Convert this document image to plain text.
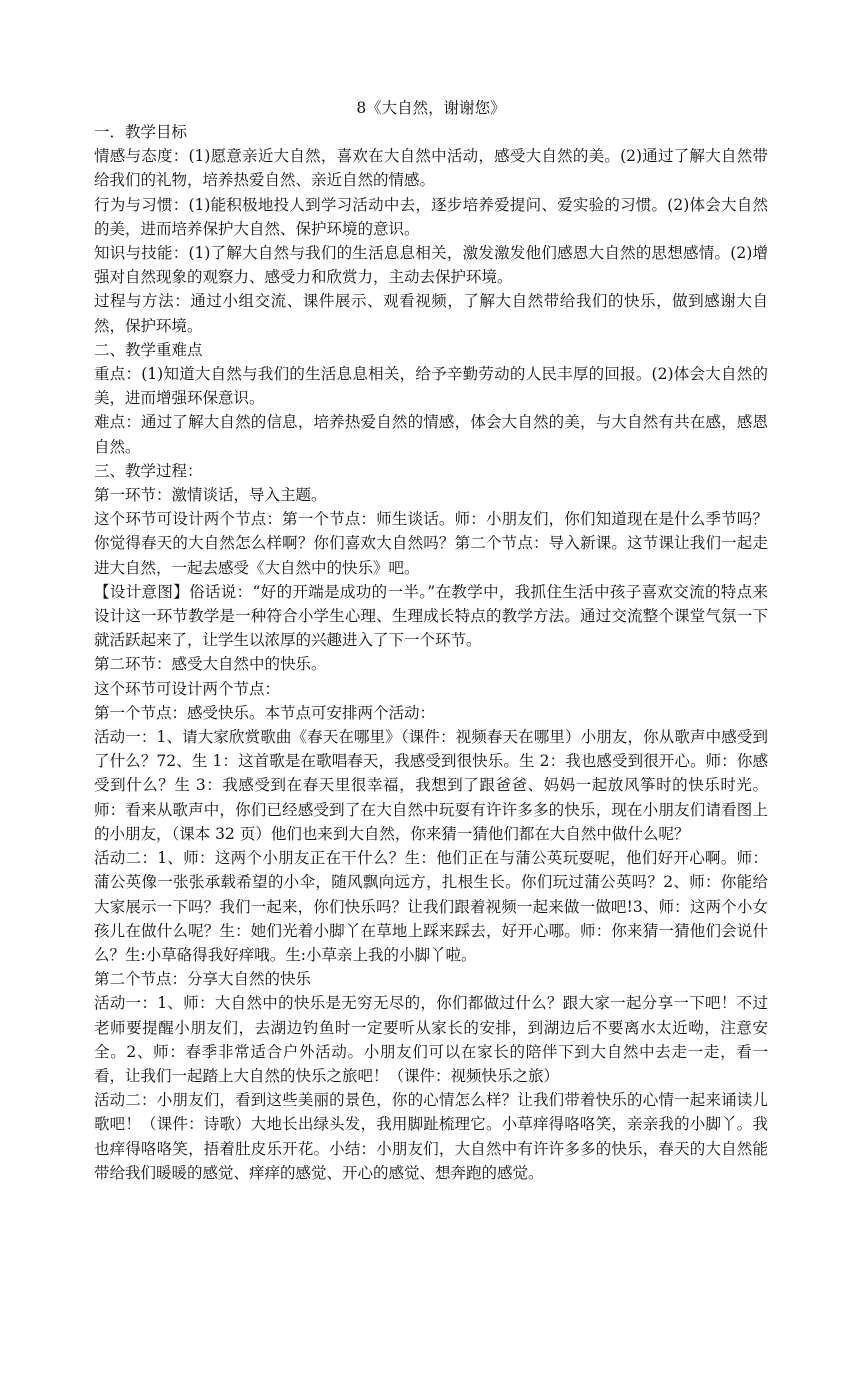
8《大自然，谢谢您》

一．教学目标

情感与态度：(1)愿意亲近大自然，喜欢在大自然中活动，感受大自然的美。(2)通过了解大自然带给我们的礼物，培养热爱自然、亲近自然的情感。

行为与习惯：(1)能积极地投人到学习活动中去，逐步培养爱提问、爱实验的习惯。(2)体会大自然的美，进而培养保护大自然、保护环境的意识。

知识与技能：(1)了解大自然与我们的生活息息相关，激发激发他们感恩大自然的思想感情。(2)增强对自然现象的观察力、感受力和欣赏力，主动去保护环境。

过程与方法：通过小组交流、课件展示、观看视频，了解大自然带给我们的快乐，做到感谢大自然，保护环境。

二、教学重难点

重点：(1)知道大自然与我们的生活息息相关，给予辛勤劳动的人民丰厚的回报。(2)体会大自然的美，进而增强环保意识。

难点：通过了解大自然的信息，培养热爱自然的情感，体会大自然的美，与大自然有共在感，感恩自然。

三、教学过程：

第一环节：激情谈话，导入主题。

这个环节可设计两个节点：第一个节点：师生谈话。师：小朋友们，你们知道现在是什么季节吗？你觉得春天的大自然怎么样啊？你们喜欢大自然吗？第二个节点：导入新课。这节课让我们一起走进大自然，一起去感受《大自然中的快乐》吧。

【设计意图】俗话说：“好的开端是成功的一半。”在教学中，我抓住生活中孩子喜欢交流的特点来设计这一环节教学是一种符合小学生心理、生理成长特点的教学方法。通过交流整个课堂气氛一下就活跃起来了，让学生以浓厚的兴趣进入了下一个环节。

第二环节：感受大自然中的快乐。

这个环节可设计两个节点：

第一个节点：感受快乐。本节点可安排两个活动：

活动一：1、请大家欣赏歌曲《春天在哪里》（课件：视频春天在哪里）小朋友，你从歌声中感受到了什么？72、生 1：这首歌是在歌唱春天，我感受到很快乐。生 2：我也感受到很开心。师：你感受到什么？生 3：我感受到在春天里很幸福，我想到了跟爸爸、妈妈一起放风筝时的快乐时光。师：看来从歌声中，你们已经感受到了在大自然中玩耍有许许多多的快乐，现在小朋友们请看图上的小朋友，（课本 32 页）他们也来到大自然，你来猜一猜他们都在大自然中做什么呢？

活动二：1、师：这两个小朋友正在干什么？生：他们正在与蒲公英玩耍呢，他们好开心啊。师：蒲公英像一张张承载希望的小伞，随风飘向远方，扎根生长。你们玩过蒲公英吗？2、师：你能给大家展示一下吗？我们一起来，你们快乐吗？让我们跟着视频一起来做一做吧!3、师：这两个小女孩儿在做什么呢？生：她们光着小脚丫在草地上踩来踩去，好开心哪。师：你来猜一猜他们会说什么？生:小草硌得我好痒哦。生:小草亲上我的小脚丫啦。

第二个节点：分享大自然的快乐

活动一：1、师：大自然中的快乐是无穷无尽的，你们都做过什么？跟大家一起分享一下吧！不过老师要提醒小朋友们，去湖边钓鱼时一定要听从家长的安排，到湖边后不要离水太近呦，注意安全。2、师：春季非常适合户外活动。小朋友们可以在家长的陪伴下到大自然中去走一走，看一看，让我们一起踏上大自然的快乐之旅吧！（课件：视频快乐之旅）

活动二：小朋友们，看到这些美丽的景色，你的心情怎么样？让我们带着快乐的心情一起来诵读儿歌吧！（课件：诗歌）大地长出绿头发，我用脚趾梳理它。小草痒得咯咯笑，亲亲我的小脚丫。我也痒得咯咯笑，捂着肚皮乐开花。小结：小朋友们，大自然中有许许多多的快乐，春天的大自然能带给我们暖暖的感觉、痒痒的感觉、开心的感觉、想奔跑的感觉。
